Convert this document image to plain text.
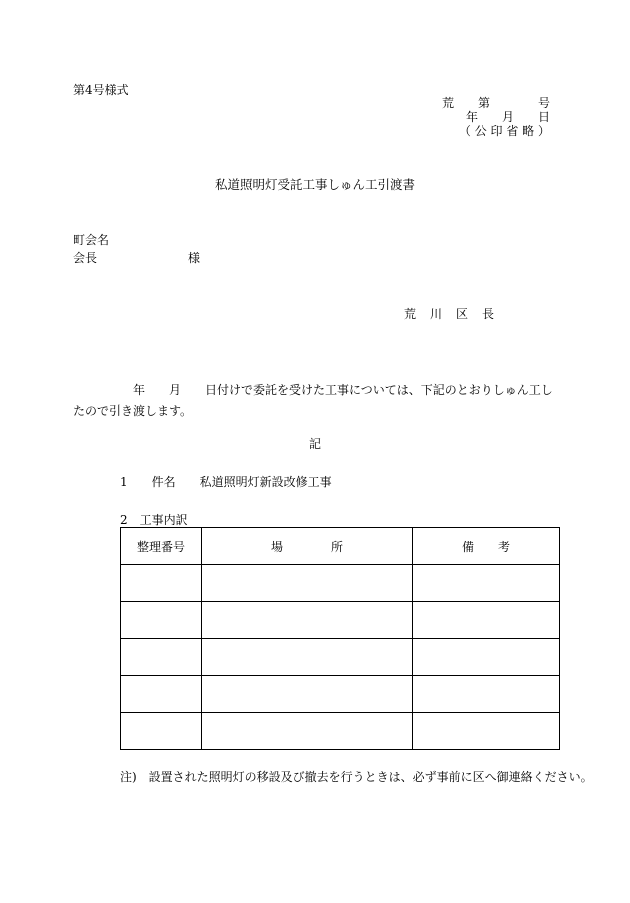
第4号様式
荒　　第　　　　号
年　　月　　日
（ 公 印 省 略 ）
私道照明灯受託工事しゅん工引渡書
町会名
会長	様
荒　川　区　長
　　　　　年　　月　　日付けで委託を受けた工事については、下記のとおりしゅん工したので引き渡します。
記
1　　件名　　私道照明灯新設改修工事
2　工事内訳
整理番号	場　　　　所	備　　考

注)　設置された照明灯の移設及び撤去を行うときは、必ず事前に区へ御連絡ください。
